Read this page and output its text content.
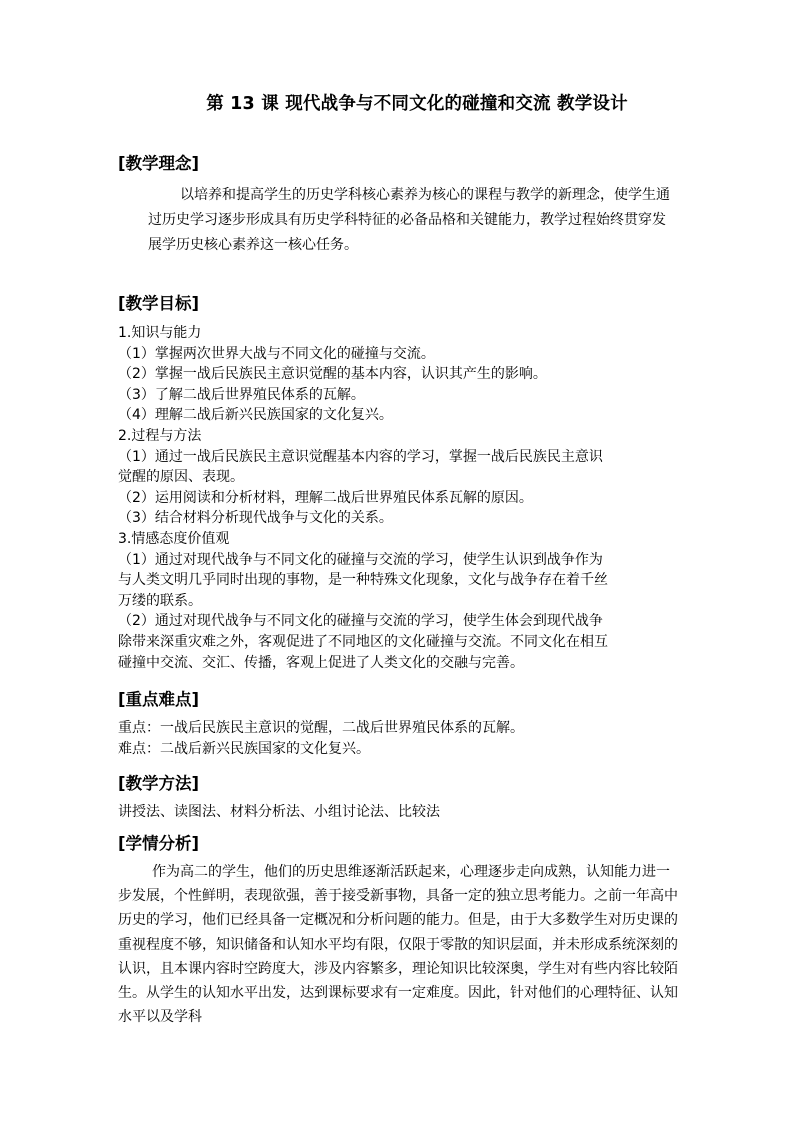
第 13 课 现代战争与不同文化的碰撞和交流 教学设计
[教学理念]

以培养和提高学生的历史学科核心素养为核心的课程与教学的新理念，使学生通过历史学习逐步形成具有历史学科特征的必备品格和关键能力，教学过程始终贯穿发展学历史核心素养这一核心任务。

[教学目标]
1.知识与能力
（1）掌握两次世界大战与不同文化的碰撞与交流。
（2）掌握一战后民族民主意识觉醒的基本内容，认识其产生的影响。
（3）了解二战后世界殖民体系的瓦解。
（4）理解二战后新兴民族国家的文化复兴。
2.过程与方法
（1）通过一战后民族民主意识觉醒基本内容的学习，掌握一战后民族民主意识
觉醒的原因、表现。
（2）运用阅读和分析材料，理解二战后世界殖民体系瓦解的原因。
（3）结合材料分析现代战争与文化的关系。
3.情感态度价值观
（1）通过对现代战争与不同文化的碰撞与交流的学习，使学生认识到战争作为
与人类文明几乎同时出现的事物，是一种特殊文化现象，文化与战争存在着千丝
万缕的联系。
（2）通过对现代战争与不同文化的碰撞与交流的学习，使学生体会到现代战争
除带来深重灾难之外，客观促进了不同地区的文化碰撞与交流。不同文化在相互
碰撞中交流、交汇、传播，客观上促进了人类文化的交融与完善。
[重点难点]
重点：一战后民族民主意识的觉醒，二战后世界殖民体系的瓦解。
难点：二战后新兴民族国家的文化复兴。
[教学方法]
讲授法、读图法、材料分析法、小组讨论法、比较法
[学情分析]

作为高二的学生，他们的历史思维逐渐活跃起来，心理逐步走向成熟，认知能力进一步发展，个性鲜明，表现欲强，善于接受新事物，具备一定的独立思考能力。之前一年高中历史的学习，他们已经具备一定概况和分析问题的能力。但是，由于大多数学生对历史课的重视程度不够，知识储备和认知水平均有限，仅限于零散的知识层面，并未形成系统深刻的认识，且本课内容时空跨度大，涉及内容繁多，理论知识比较深奥，学生对有些内容比较陌生。从学生的认知水平出发，达到课标要求有一定难度。因此，针对他们的心理特征、认知水平以及学科
